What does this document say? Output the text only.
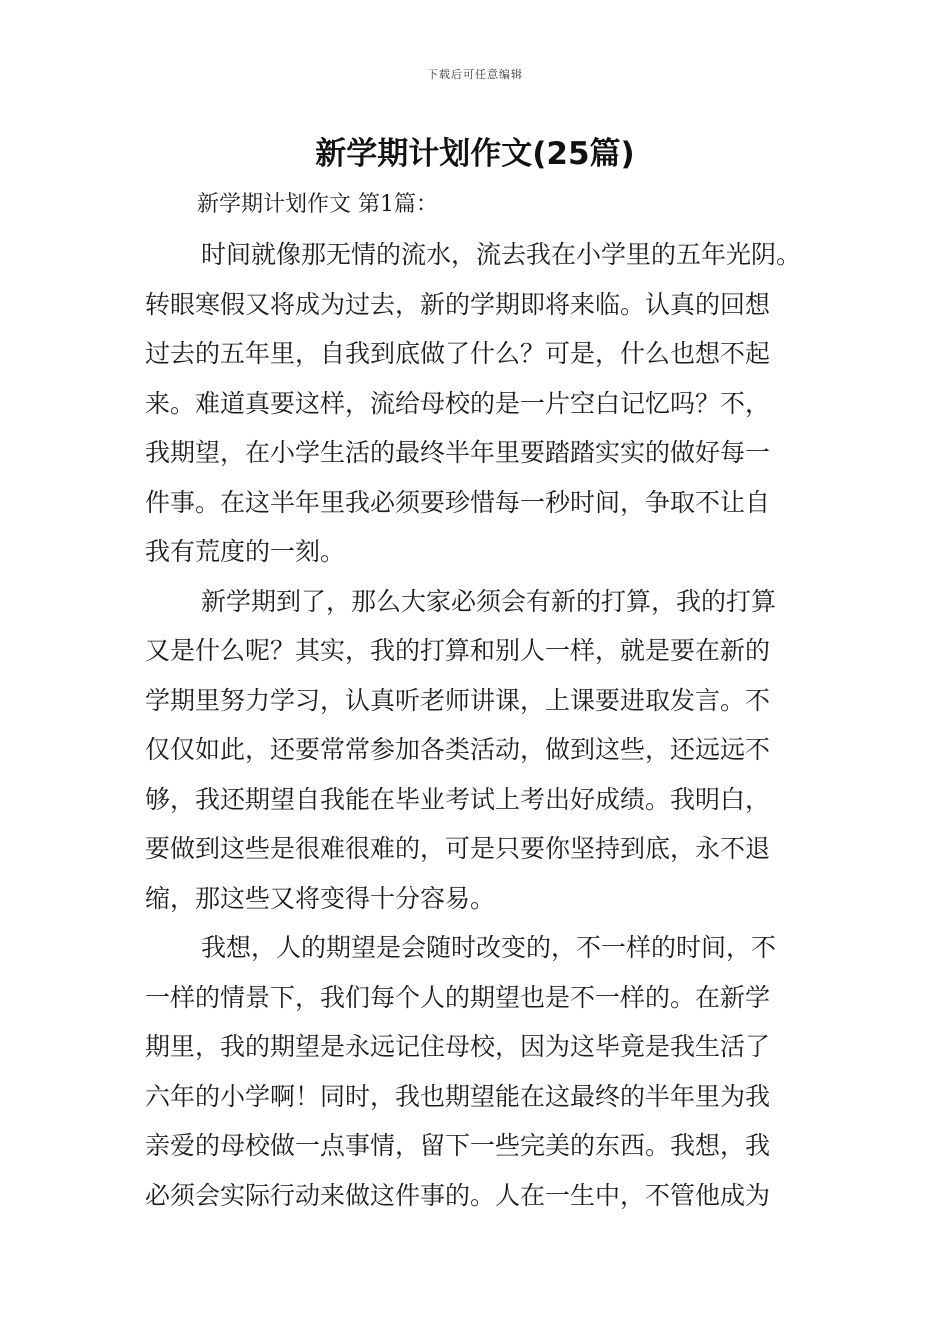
下载后可任意编辑
新学期计划作文(25篇)
新学期计划作文 第1篇：
时间就像那无情的流水，流去我在小学里的五年光阴。
转眼寒假又将成为过去，新的学期即将来临。认真的回想
过去的五年里，自我到底做了什么？可是，什么也想不起
来。难道真要这样，流给母校的是一片空白记忆吗？不，
我期望，在小学生活的最终半年里要踏踏实实的做好每一
件事。在这半年里我必须要珍惜每一秒时间，争取不让自
我有荒度的一刻。
新学期到了，那么大家必须会有新的打算，我的打算
又是什么呢？其实，我的打算和别人一样，就是要在新的
学期里努力学习，认真听老师讲课，上课要进取发言。不
仅仅如此，还要常常参加各类活动，做到这些，还远远不
够，我还期望自我能在毕业考试上考出好成绩。我明白，
要做到这些是很难很难的，可是只要你坚持到底，永不退
缩，那这些又将变得十分容易。
我想，人的期望是会随时改变的，不一样的时间，不
一样的情景下，我们每个人的期望也是不一样的。在新学
期里，我的期望是永远记住母校，因为这毕竟是我生活了
六年的小学啊！同时，我也期望能在这最终的半年里为我
亲爱的母校做一点事情，留下一些完美的东西。我想，我
必须会实际行动来做这件事的。人在一生中，不管他成为
